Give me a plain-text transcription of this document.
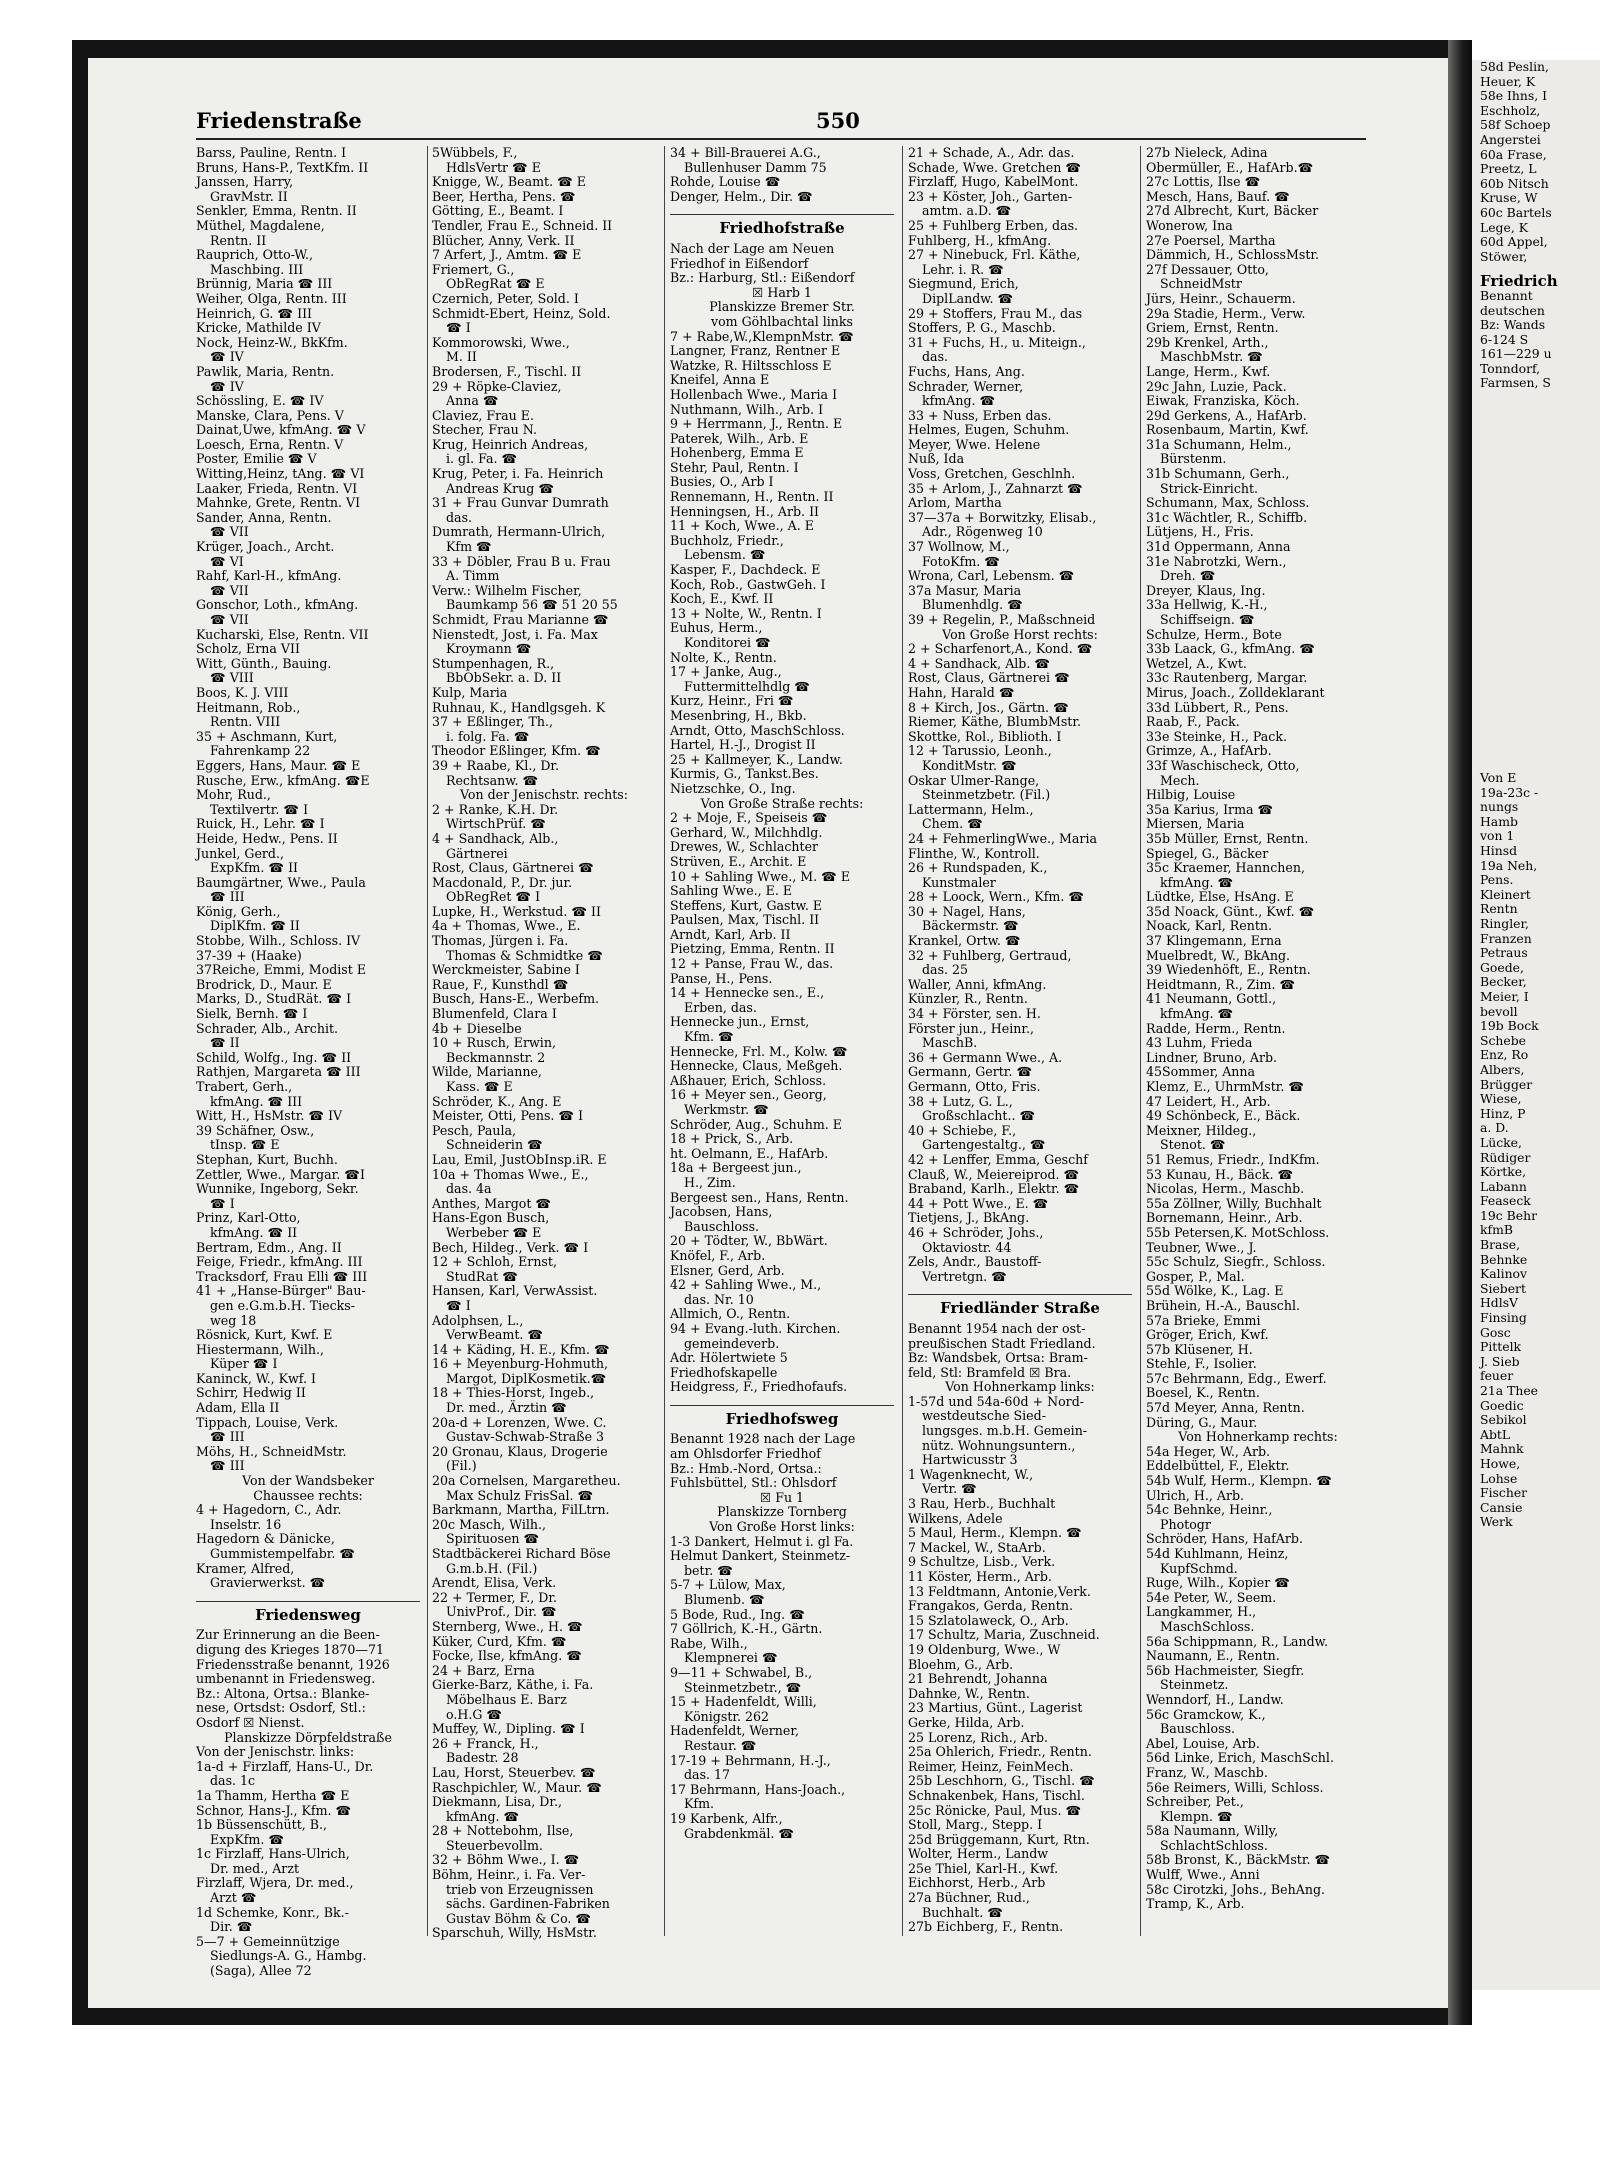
Friedenstraße	550
Barss, Pauline, Rentn. I
Bruns, Hans-P., TextKfm. II
Janssen, Harry,
GravMstr. II
Senkler, Emma, Rentn. II
Müthel, Magdalene,
Rentn. II
Rauprich, Otto-W.,
Maschbing. III
Brünnig, Maria ☎ III
Weiher, Olga, Rentn. III
Heinrich, G. ☎ III
Kricke, Mathilde IV
Nock, Heinz-W., BkKfm.
☎ IV
Pawlik, Maria, Rentn.
☎ IV
Schössling, E. ☎ IV
Manske, Clara, Pens. V
Dainat,Uwe, kfmAng. ☎ V
Loesch, Erna, Rentn. V
Poster, Emilie ☎ V
Witting,Heinz, tAng. ☎ VI
Laaker, Frieda, Rentn. VI
Mahnke, Grete, Rentn. VI
Sander, Anna, Rentn.
☎ VII
Krüger, Joach., Archt.
☎ VI
Rahf, Karl-H., kfmAng.
☎ VII
Gonschor, Loth., kfmAng.
☎ VII
Kucharski, Else, Rentn. VII
Scholz, Erna VII
Witt, Günth., Bauing.
☎ VIII
Boos, K. J. VIII
Heitmann, Rob.,
Rentn. VIII
35 + Aschmann, Kurt,
Fahrenkamp 22
Eggers, Hans, Maur. ☎ E
Rusche, Erw., kfmAng. ☎E
Mohr, Rud.,
Textilvertr. ☎ I
Ruick, H., Lehr. ☎ I
Heide, Hedw., Pens. II
Junkel, Gerd.,
ExpKfm. ☎ II
Baumgärtner, Wwe., Paula
☎ III
König, Gerh.,
DiplKfm. ☎ II
Stobbe, Wilh., Schloss. IV
37-39 + (Haake)
37Reiche, Emmi, Modist E
Brodrick, D., Maur. E
Marks, D., StudRät. ☎ I
Sielk, Bernh. ☎ I
Schrader, Alb., Archit.
☎ II
Schild, Wolfg., Ing. ☎ II
Rathjen, Margareta ☎ III
Trabert, Gerh.,
kfmAng. ☎ III
Witt, H., HsMstr. ☎ IV
39 Schäfner, Osw.,
tInsp. ☎ E
Stephan, Kurt, Buchh.
Zettler, Wwe., Margar. ☎I
Wunnike, Ingeborg, Sekr.
☎ I
Prinz, Karl-Otto,
kfmAng. ☎ II
Bertram, Edm., Ang. II
Feige, Friedr., kfmAng. III
Tracksdorf, Frau Elli ☎ III
41 + „Hanse-Bürger" Bau-
gen e.G.m.b.H. Tiecks-
weg 18
Rösnick, Kurt, Kwf. E
Hiestermann, Wilh.,
Küper ☎ I
Kaninck, W., Kwf. I
Schirr, Hedwig II
Adam, Ella II
Tippach, Louise, Verk.
☎ III
Möhs, H., SchneidMstr.
☎ III
Von der Wandsbeker
Chaussee rechts:
4 + Hagedorn, C., Adr.
Inselstr. 16
Hagedorn & Dänicke,
Gummistempelfabr. ☎
Kramer, Alfred,
Gravierwerkst. ☎
Friedensweg
Zur Erinnerung an die Been-
digung des Krieges 1870—71
Friedensstraße benannt, 1926
umbenannt in Friedensweg.
Bz.: Altona, Ortsa.: Blanke-
nese, Ortsdst: Osdorf, Stl.:
Osdorf ☒ Nienst.
Planskizze Dörpfeldstraße
Von der Jenischstr. links:
1a-d + Firzlaff, Hans-U., Dr.
das. 1c
1a Thamm, Hertha ☎ E
Schnor, Hans-J., Kfm. ☎
1b Büssenschütt, B.,
ExpKfm. ☎
1c Firzlaff, Hans-Ulrich,
Dr. med., Arzt
Firzlaff, Wjera, Dr. med.,
Arzt ☎
1d Schemke, Konr., Bk.-
Dir. ☎
5—7 + Gemeinnützige
Siedlungs-A. G., Hambg.
(Saga), Allee 72
5Wübbels, F.,
HdlsVertr ☎ E
Knigge, W., Beamt. ☎ E
Beer, Hertha, Pens. ☎
Götting, E., Beamt. I
Tendler, Frau E., Schneid. II
Blücher, Anny, Verk. II
7 Arfert, J., Amtm. ☎ E
Friemert, G.,
ObRegRat ☎ E
Czernich, Peter, Sold. I
Schmidt-Ebert, Heinz, Sold.
☎ I
Kommorowski, Wwe.,
M. II
Brodersen, F., Tischl. II
29 + Röpke-Claviez,
Anna ☎
Claviez, Frau E.
Stecher, Frau N.
Krug, Heinrich Andreas,
i. gl. Fa. ☎
Krug, Peter, i. Fa. Heinrich
Andreas Krug ☎
31 + Frau Gunvar Dumrath
das.
Dumrath, Hermann-Ulrich,
Kfm ☎
33 + Döbler, Frau B u. Frau
A. Timm
Verw.: Wilhelm Fischer,
Baumkamp 56 ☎ 51 20 55
Schmidt, Frau Marianne ☎
Nienstedt, Jost, i. Fa. Max
Kroymann ☎
Stumpenhagen, R.,
BbObSekr. a. D. II
Kulp, Maria
Ruhnau, K., Handlgsgeh. K
37 + Eßlinger, Th.,
i. folg. Fa. ☎
Theodor Eßlinger, Kfm. ☎
39 + Raabe, Kl., Dr.
Rechtsanw. ☎
Von der Jenischstr. rechts:
2 + Ranke, K.H. Dr.
WirtschPrüf. ☎
4 + Sandhack, Alb.,
Gärtnerei
Rost, Claus, Gärtnerei ☎
Macdonald, P., Dr. jur.
ObRegRet ☎ I
Lupke, H., Werkstud. ☎ II
4a + Thomas, Wwe., E.
Thomas, Jürgen i. Fa.
Thomas & Schmidtke ☎
Werckmeister, Sabine I
Raue, F., Kunsthdl ☎
Busch, Hans-E., Werbefm.
Blumenfeld, Clara I
4b + Dieselbe
10 + Rusch, Erwin,
Beckmannstr. 2
Wilde, Marianne,
Kass. ☎ E
Schröder, K., Ang. E
Meister, Otti, Pens. ☎ I
Pesch, Paula,
Schneiderin ☎
Lau, Emil, JustObInsp.iR. E
10a + Thomas Wwe., E.,
das. 4a
Anthes, Margot ☎
Hans-Egon Busch,
Werbeber ☎ E
Bech, Hildeg., Verk. ☎ I
12 + Schloh, Ernst,
StudRat ☎
Hansen, Karl, VerwAssist.
☎ I
Adolphsen, L.,
VerwBeamt. ☎
14 + Käding, H. E., Kfm. ☎
16 + Meyenburg-Hohmuth,
Margot, DiplKosmetik.☎
18 + Thies-Horst, Ingeb.,
Dr. med., Ärztin ☎
20a-d + Lorenzen, Wwe. C.
Gustav-Schwab-Straße 3
20 Gronau, Klaus, Drogerie
(Fil.)
20a Cornelsen, Margaretheu.
Max Schulz FrisSal. ☎
Barkmann, Martha, FilLtrn.
20c Masch, Wilh.,
Spirituosen ☎
Stadtbäckerei Richard Böse
G.m.b.H. (Fil.)
Arendt, Elisa, Verk.
22 + Termer, F., Dr.
UnivProf., Dir. ☎
Sternberg, Wwe., H. ☎
Küker, Curd, Kfm. ☎
Focke, Ilse, kfmAng. ☎
24 + Barz, Erna
Gierke-Barz, Käthe, i. Fa.
Möbelhaus E. Barz
o.H.G ☎
Muffey, W., Dipling. ☎ I
26 + Franck, H.,
Badestr. 28
Lau, Horst, Steuerbev. ☎
Raschpichler, W., Maur. ☎
Diekmann, Lisa, Dr.,
kfmAng. ☎
28 + Nottebohm, Ilse,
Steuerbevollm.
32 + Böhm Wwe., I. ☎
Böhm, Heinr., i. Fa. Ver-
trieb von Erzeugnissen
sächs. Gardinen-Fabriken
Gustav Böhm & Co. ☎
Sparschuh, Willy, HsMstr.
34 + Bill-Brauerei A.G.,
Bullenhuser Damm 75
Rohde, Louise ☎
Denger, Helm., Dir. ☎
Friedhofstraße
Nach der Lage am Neuen
Friedhof in Eißendorf
Bz.: Harburg, Stl.: Eißendorf
☒ Harb 1
Planskizze Bremer Str.
vom Göhlbachtal links
7 + Rabe,W.,KlempnMstr. ☎
Langner, Franz, Rentner E
Watzke, R. Hiltsschloss E
Kneifel, Anna E
Hollenbach Wwe., Maria I
Nuthmann, Wilh., Arb. I
9 + Herrmann, J., Rentn. E
Paterek, Wilh., Arb. E
Hohenberg, Emma E
Stehr, Paul, Rentn. I
Busies, O., Arb I
Rennemann, H., Rentn. II
Henningsen, H., Arb. II
11 + Koch, Wwe., A. E
Buchholz, Friedr.,
Lebensm. ☎
Kasper, F., Dachdeck. E
Koch, Rob., GastwGeh. I
Koch, E., Kwf. II
13 + Nolte, W., Rentn. I
Euhus, Herm.,
Konditorei ☎
Nolte, K., Rentn.
17 + Janke, Aug.,
Futtermittelhdlg ☎
Kurz, Heinr., Fri ☎
Mesenbring, H., Bkb.
Arndt, Otto, MaschSchloss.
Hartel, H.-J., Drogist II
25 + Kallmeyer, K., Landw.
Kurmis, G., Tankst.Bes.
Nietzschke, O., Ing.
Von Große Straße rechts:
2 + Moje, F., Speiseis ☎
Gerhard, W., Milchhdlg.
Drewes, W., Schlachter
Strüven, E., Archit. E
10 + Sahling Wwe., M. ☎ E
Sahling Wwe., E. E
Steffens, Kurt, Gastw. E
Paulsen, Max, Tischl. II
Arndt, Karl, Arb. II
Pietzing, Emma, Rentn. II
12 + Panse, Frau W., das.
Panse, H., Pens.
14 + Hennecke sen., E.,
Erben, das.
Hennecke jun., Ernst,
Kfm. ☎
Hennecke, Frl. M., Kolw. ☎
Hennecke, Claus, Meßgeh.
Aßhauer, Erich, Schloss.
16 + Meyer sen., Georg,
Werkmstr. ☎
Schröder, Aug., Schuhm. E
18 + Prick, S., Arb.
ht. Oelmann, E., HafArb.
18a + Bergeest jun.,
H., Zim.
Bergeest sen., Hans, Rentn.
Jacobsen, Hans,
Bauschloss.
20 + Tödter, W., BbWärt.
Knöfel, F., Arb.
Elsner, Gerd, Arb.
42 + Sahling Wwe., M.,
das. Nr. 10
Allmich, O., Rentn.
94 + Evang.-luth. Kirchen.
gemeindeverb.
Adr. Hölertwiete 5
Friedhofskapelle
Heidgress, F., Friedhofaufs.
Friedhofsweg
Benannt 1928 nach der Lage
am Ohlsdorfer Friedhof
Bz.: Hmb.-Nord, Ortsa.:
Fuhlsbüttel, Stl.: Ohlsdorf
☒ Fu 1
Planskizze Tornberg
Von Große Horst links:
1-3 Dankert, Helmut i. gl Fa.
Helmut Dankert, Steinmetz-
betr. ☎
5-7 + Lülow, Max,
Blumenb. ☎
5 Bode, Rud., Ing. ☎
7 Göllrich, K.-H., Gärtn.
Rabe, Wilh.,
Klempnerei ☎
9—11 + Schwabel, B.,
Steinmetzbetr., ☎
15 + Hadenfeldt, Willi,
Königstr. 262
Hadenfeldt, Werner,
Restaur. ☎
17-19 + Behrmann, H.-J.,
das. 17
17 Behrmann, Hans-Joach.,
Kfm.
19 Karbenk, Alfr.,
Grabdenkmäl. ☎
21 + Schade, A., Adr. das.
Schade, Wwe. Gretchen ☎
Firzlaff, Hugo, KabelMont.
23 + Köster, Joh., Garten-
amtm. a.D. ☎
25 + Fuhlberg Erben, das.
Fuhlberg, H., kfmAng.
27 + Ninebuck, Frl. Käthe,
Lehr. i. R. ☎
Siegmund, Erich,
DiplLandw. ☎
29 + Stoffers, Frau M., das
Stoffers, P. G., Maschb.
31 + Fuchs, H., u. Miteign.,
das.
Fuchs, Hans, Ang.
Schrader, Werner,
kfmAng. ☎
33 + Nuss, Erben das.
Helmes, Eugen, Schuhm.
Meyer, Wwe. Helene
Nuß, Ida
Voss, Gretchen, Geschlnh.
35 + Arlom, J., Zahnarzt ☎
Arlom, Martha
37—37a + Borwitzky, Elisab.,
Adr., Rögenweg 10
37 Wollnow, M.,
FotoKfm. ☎
Wrona, Carl, Lebensm. ☎
37a Masur, Maria
Blumenhdlg. ☎
39 + Regelin, P., Maßschneid
Von Große Horst rechts:
2 + Scharfenort,A., Kond. ☎
4 + Sandhack, Alb. ☎
Rost, Claus, Gärtnerei ☎
Hahn, Harald ☎
8 + Kirch, Jos., Gärtn. ☎
Riemer, Käthe, BlumbMstr.
Skottke, Rol., Biblioth. I
12 + Tarussio, Leonh.,
KonditMstr. ☎
Oskar Ulmer-Range,
Steinmetzbetr. (Fil.)
Lattermann, Helm.,
Chem. ☎
24 + FehmerlingWwe., Maria
Flinthe, W., Kontroll.
26 + Rundspaden, K.,
Kunstmaler
28 + Loock, Wern., Kfm. ☎
30 + Nagel, Hans,
Bäckermstr. ☎
Krankel, Ortw. ☎
32 + Fuhlberg, Gertraud,
das. 25
Waller, Anni, kfmAng.
Künzler, R., Rentn.
34 + Förster, sen. H.
Förster jun., Heinr.,
MaschB.
36 + Germann Wwe., A.
Germann, Gertr. ☎
Germann, Otto, Fris.
38 + Lutz, G. L.,
Großschlacht.. ☎
40 + Schiebe, F.,
Gartengestaltg., ☎
42 + Lenffer, Emma, Geschf
Clauß, W., Meiereiprod. ☎
Braband, Karlh., Elektr. ☎
44 + Pott Wwe., E. ☎
Tietjens, J., BkAng.
46 + Schröder, Johs.,
Oktaviostr. 44
Zels, Andr., Baustoff-
Vertretgn. ☎
Friedländer Straße
Benannt 1954 nach der ost-
preußischen Stadt Friedland.
Bz: Wandsbek, Ortsa: Bram-
feld, Stl: Bramfeld ☒ Bra.
Von Hohnerkamp links:
1-57d und 54a-60d + Nord-
westdeutsche Sied-
lungsges. m.b.H. Gemein-
nütz. Wohnungsuntern.,
Hartwicusstr 3
1 Wagenknecht, W.,
Vertr. ☎
3 Rau, Herb., Buchhalt
Wilkens, Adele
5 Maul, Herm., Klempn. ☎
7 Mackel, W., StaArb.
9 Schultze, Lisb., Verk.
11 Köster, Herm., Arb.
13 Feldtmann, Antonie,Verk.
Frangakos, Gerda, Rentn.
15 Szlatolaweck, O., Arb.
17 Schultz, Maria, Zuschneid.
19 Oldenburg, Wwe., W
Bloehm, G., Arb.
21 Behrendt, Johanna
Dahnke, W., Rentn.
23 Martius, Günt., Lagerist
Gerke, Hilda, Arb.
25 Lorenz, Rich., Arb.
25a Ohlerich, Friedr., Rentn.
Reimer, Heinz, FeinMech.
25b Leschhorn, G., Tischl. ☎
Schnakenbek, Hans, Tischl.
25c Rönicke, Paul, Mus. ☎
Stoll, Marg., Stepp. I
25d Brüggemann, Kurt, Rtn.
Wolter, Herm., Landw
25e Thiel, Karl-H., Kwf.
Eichhorst, Herb., Arb
27a Büchner, Rud.,
Buchhalt. ☎
27b Eichberg, F., Rentn.
27b Nieleck, Adina
Obermüller, E., HafArb.☎
27c Lottis, Ilse ☎
Mesch, Hans, Bauf. ☎
27d Albrecht, Kurt, Bäcker
Wonerow, Ina
27e Poersel, Martha
Dämmich, H., SchlossMstr.
27f Dessauer, Otto,
SchneidMstr
Jürs, Heinr., Schauerm.
29a Stadie, Herm., Verw.
Griem, Ernst, Rentn.
29b Krenkel, Arth.,
MaschbMstr. ☎
Lange, Herm., Kwf.
29c Jahn, Luzie, Pack.
Eiwak, Franziska, Köch.
29d Gerkens, A., HafArb.
Rosenbaum, Martin, Kwf.
31a Schumann, Helm.,
Bürstenm.
31b Schumann, Gerh.,
Strick-Einricht.
Schumann, Max, Schloss.
31c Wächtler, R., Schiffb.
Lütjens, H., Fris.
31d Oppermann, Anna
31e Nabrotzki, Wern.,
Dreh. ☎
Dreyer, Klaus, Ing.
33a Hellwig, K.-H.,
Schiffseign. ☎
Schulze, Herm., Bote
33b Laack, G., kfmAng. ☎
Wetzel, A., Kwt.
33c Rautenberg, Margar.
Mirus, Joach., Zolldeklarant
33d Lübbert, R., Pens.
Raab, F., Pack.
33e Steinke, H., Pack.
Grimze, A., HafArb.
33f Waschischeck, Otto,
Mech.
Hilbig, Louise
35a Karius, Irma ☎
Miersen, Maria
35b Müller, Ernst, Rentn.
Spiegel, G., Bäcker
35c Kraemer, Hannchen,
kfmAng. ☎
Lüdtke, Else, HsAng. E
35d Noack, Günt., Kwf. ☎
Noack, Karl, Rentn.
37 Klingemann, Erna
Muelbredt, W., BkAng.
39 Wiedenhöft, E., Rentn.
Heidtmann, R., Zim. ☎
41 Neumann, Gottl.,
kfmAng. ☎
Radde, Herm., Rentn.
43 Luhm, Frieda
Lindner, Bruno, Arb.
45Sommer, Anna
Klemz, E., UhrmMstr. ☎
47 Leidert, H., Arb.
49 Schönbeck, E., Bäck.
Meixner, Hildeg.,
Stenot. ☎
51 Remus, Friedr., IndKfm.
53 Kunau, H., Bäck. ☎
Nicolas, Herm., Maschb.
55a Zöllner, Willy, Buchhalt
Bornemann, Heinr., Arb.
55b Petersen,K. MotSchloss.
Teubner, Wwe., J.
55c Schulz, Siegfr., Schloss.
Gosper, P., Mal.
55d Wölke, K., Lag. E
Brühein, H.-A., Bauschl.
57a Brieke, Emmi
Gröger, Erich, Kwf.
57b Klüsener, H.
Stehle, F., Isolier.
57c Behrmann, Edg., Ewerf.
Boesel, K., Rentn.
57d Meyer, Anna, Rentn.
Düring, G., Maur.
Von Hohnerkamp rechts:
54a Heger, W., Arb.
Eddelbüttel, F., Elektr.
54b Wulf, Herm., Klempn. ☎
Ulrich, H., Arb.
54c Behnke, Heinr.,
Photogr
Schröder, Hans, HafArb.
54d Kuhlmann, Heinz,
KupfSchmd.
Ruge, Wilh., Kopier ☎
54e Peter, W., Seem.
Langkammer, H.,
MaschSchloss.
56a Schippmann, R., Landw.
Naumann, E., Rentn.
56b Hachmeister, Siegfr.
Steinmetz.
Wenndorf, H., Landw.
56c Gramckow, K.,
Bauschloss.
Abel, Louise, Arb.
56d Linke, Erich, MaschSchl.
Franz, W., Maschb.
56e Reimers, Willi, Schloss.
Schreiber, Pet.,
Klempn. ☎
58a Naumann, Willy,
SchlachtSchloss.
58b Bronst, K., BäckMstr. ☎
Wulff, Wwe., Anni
58c Cirotzki, Johs., BehAng.
Tramp, K., Arb.
58d Peslin,
Heuer, K
58e Ihns, I
Eschholz,
58f Schoep
Angerstei
60a Frase,
Preetz, L
60b Nitsch
Kruse, W
60c Bartels
Lege, K
60d Appel,
Stöwer,
Friedrich
Benannt
deutschen
Bz: Wands
6-124 S
161—229 u
Tonndorf,
Farmsen, S
Von E
19a-23c -
nungs
Hamb
von 1
Hinsd
19a Neh,
Pens.
Kleinert
Rentn
Ringler,
Franzen
Petraus
Goede,
Becker,
Meier, I
bevoll
19b Bock
Schebe
Enz, Ro
Albers,
Brügger
Wiese,
Hinz, P
a. D.
Lücke,
Rüdiger
Körtke,
Labann
Feaseck
19c Behr
kfmB
Brase,
Behnke
Kalinov
Siebert
HdlsV
Finsing
Gosc
Pittelk
J. Sieb
feuer
21a Thee
Goedic
Sebikol
AbtL
Mahnk
Howe,
Lohse
Fischer
Cansie
Werk
